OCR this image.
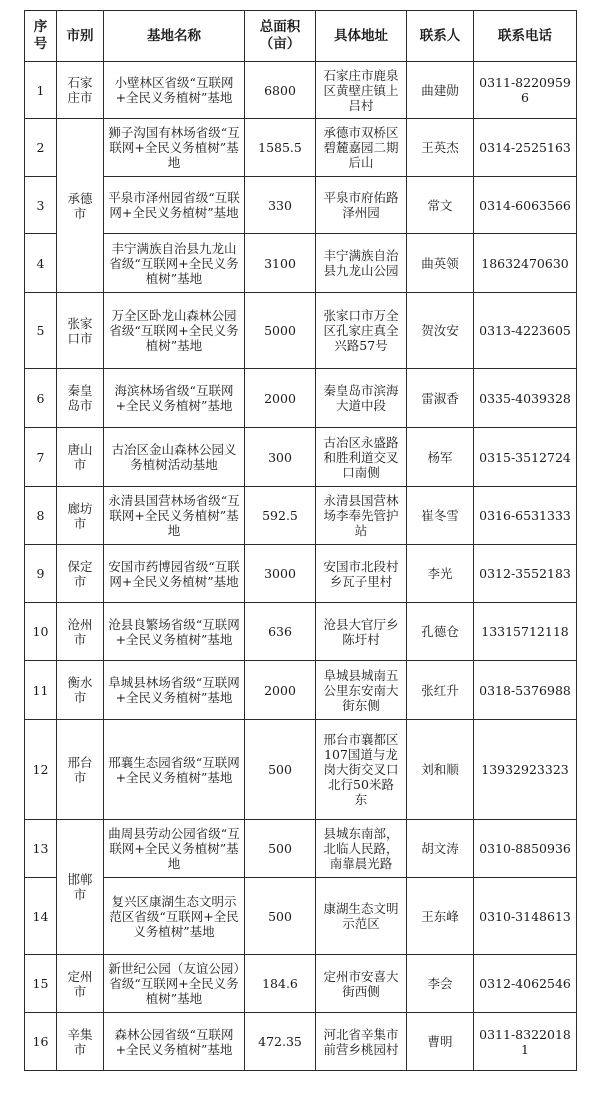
序号	市别	基地名称	总面积（亩）	具体地址	联系人	联系电话
1	石家庄市	小壁林区省级“互联网+全民义务植树”基地	6800	石家庄市鹿泉区黄壁庄镇上吕村	曲建勋	0311-82209596
2	承德市	狮子沟国有林场省级“互联网+全民义务植树”基地	1585.5	承德市双桥区碧麓嘉园二期后山	王英杰	0314-2525163
3		平泉市泽州园省级“互联网+全民义务植树”基地	330	平泉市府佑路泽州园	常文	0314-6063566
4		丰宁满族自治县九龙山省级“互联网+全民义务植树”基地	3100	丰宁满族自治县九龙山公园	曲英领	18632470630
5	张家口市	万全区卧龙山森林公园省级“互联网+全民义务植树”基地	5000	张家口市万全区孔家庄真全兴路57号	贺汝安	0313-4223605
6	秦皇岛市	海滨林场省级“互联网+全民义务植树”基地	2000	秦皇岛市滨海大道中段	雷淑香	0335-4039328
7	唐山市	古冶区金山森林公园义务植树活动基地	300	古冶区永盛路和胜利道交叉口南侧	杨军	0315-3512724
8	廊坊市	永清县国营林场省级“互联网+全民义务植树”基地	592.5	永清县国营林场李奉先管护站	崔冬雪	0316-6531333
9	保定市	安国市药博园省级“互联网+全民义务植树”基地	3000	安国市北段村乡瓦子里村	李光	0312-3552183
10	沧州市	沧县良繁场省级“互联网+全民义务植树”基地	636	沧县大官厅乡陈圩村	孔德仓	13315712118
11	衡水市	阜城县林场省级“互联网+全民义务植树”基地	2000	阜城县城南五公里东安南大街东侧	张红升	0318-5376988
12	邢台市	邢襄生态园省级“互联网+全民义务植树”基地	500	邢台市襄都区107国道与龙岗大街交叉口北行50米路东	刘和顺	13932923323
13	邯郸市	曲周县劳动公园省级“互联网+全民义务植树”基地	500	县城东南部，北临人民路，南靠晨光路	胡文涛	0310-8850936
14		复兴区康湖生态文明示范区省级“互联网+全民义务植树”基地	500	康湖生态文明示范区	王东峰	0310-3148613
15	定州市	新世纪公园（友谊公园）省级“互联网+全民义务植树”基地	184.6	定州市安喜大街西侧	李会	0312-4062546
16	辛集市	森林公园省级“互联网+全民义务植树”基地	472.35	河北省辛集市前营乡桃园村	曹明	0311-83220181
